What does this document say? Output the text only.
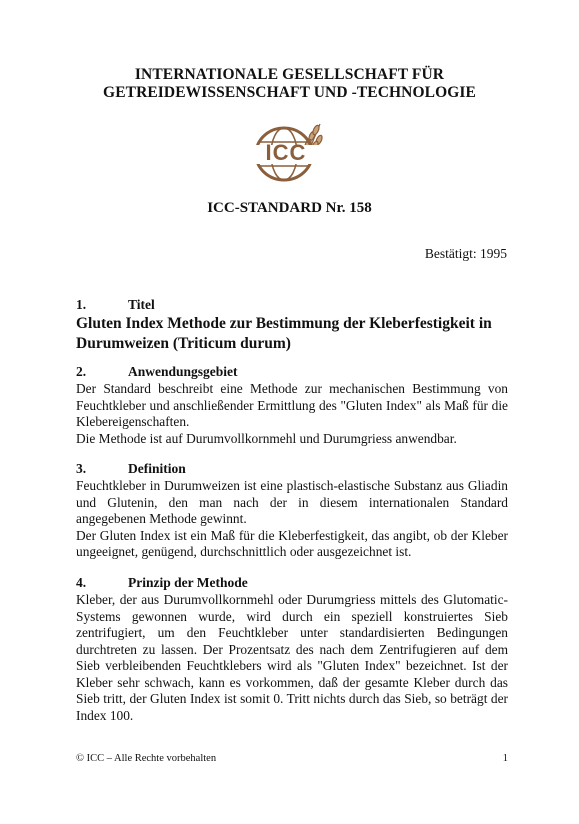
INTERNATIONALE GESELLSCHAFT FÜR
GETREIDEWISSENSCHAFT UND -TECHNOLOGIE
ICC
ICC-STANDARD Nr. 158
Bestätigt: 1995
1.	Titel
Gluten Index Methode zur Bestimmung der Kleberfestigkeit in Durumweizen (Triticum durum)
2.	Anwendungsgebiet

Der Standard beschreibt eine Methode zur mechanischen Bestimmung von Feuchtkleber und anschließender Ermittlung des "Gluten Index" als Maß für die Klebereigenschaften.

Die Methode ist auf Durumvollkornmehl und Durumgriess anwendbar.

3.	Definition

Feuchtkleber in Durumweizen ist eine plastisch-elastische Substanz aus Gliadin und Glutenin, den man nach der in diesem internationalen Standard angegebenen Methode gewinnt.

Der Gluten Index ist ein Maß für die Kleberfestigkeit, das angibt, ob der Kleber ungeeignet, genügend, durchschnittlich oder ausgezeichnet ist.

4.	Prinzip der Methode

Kleber, der aus Durumvollkornmehl oder Durumgriess mittels des Glutomatic-Systems gewonnen wurde, wird durch ein speziell konstruiertes Sieb zentrifugiert, um den Feuchtkleber unter standardisierten Bedingungen durchtreten zu lassen. Der Prozentsatz des nach dem Zentrifugieren auf dem Sieb verbleibenden Feuchtklebers wird als "Gluten Index" bezeichnet. Ist der Kleber sehr schwach, kann es vorkommen, daß der gesamte Kleber durch das Sieb tritt, der Gluten Index ist somit 0. Tritt nichts durch das Sieb, so beträgt der Index 100.

© ICC – Alle Rechte vorbehalten	1
